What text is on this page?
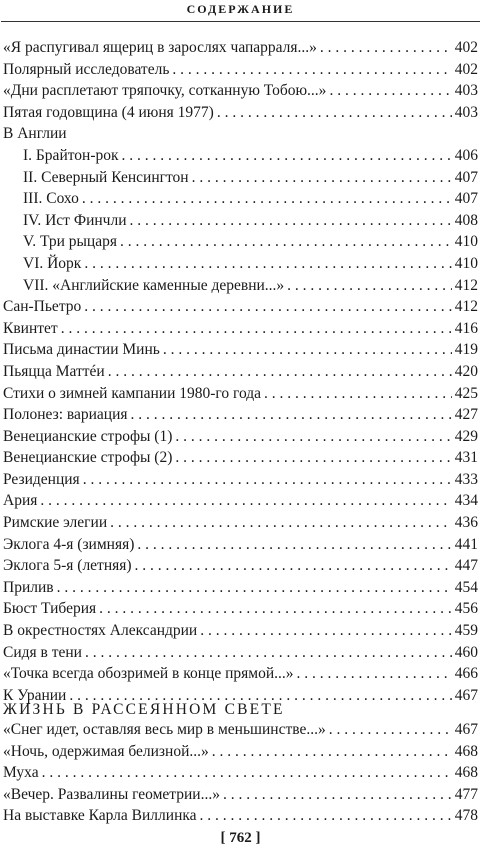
СОДЕРЖАНИЕ
«Я распугивал ящериц в зарослях чапарраля...» . . .	402
Полярный исследователь . . .	402
«Дни расплетают тряпочку, сотканную Тобою...» . . .	403
Пятая годовщина (4 июня 1977) . . .	403
В Англии
I. Брайтон-рок . . .	406
II. Северный Кенсингтон . . .	407
III. Сохо . . .	407
IV. Ист Финчли . . .	408
V. Три рыцаря . . .	410
VI. Йорк . . .	410
VII. «Английские каменные деревни...» . . .	412
Сан-Пьетро . . .	412
Квинтет . . .	416
Письма династии Минь . . .	419
Пьяцца Маттéи . . .	420
Стихи о зимней кампании 1980-го года . . .	425
Полонез: вариация . . .	427
Венецианские строфы (1) . . .	429
Венецианские строфы (2) . . .	431
Резиденция . . .	433
Ария . . .	434
Римские элегии . . .	436
Эклога 4-я (зимняя) . . .	441
Эклога 5-я (летняя) . . .	447
Прилив . . .	454
Бюст Тиберия . . .	456
В окрестностях Александрии . . .	459
Сидя в тени . . .	460
«Точка всегда обозримей в конце прямой...» . . .	466
К Урании . . .	467
ЖИЗНЬ В РАССЕЯННОМ СВЕТЕ
«Снег идет, оставляя весь мир в меньшинстве...» . . .	467
«Ночь, одержимая белизной...» . . .	468
Муха . . .	468
«Вечер. Развалины геометрии...» . . .	477
На выставке Карла Виллинка . . .	478
[ 762 ]
